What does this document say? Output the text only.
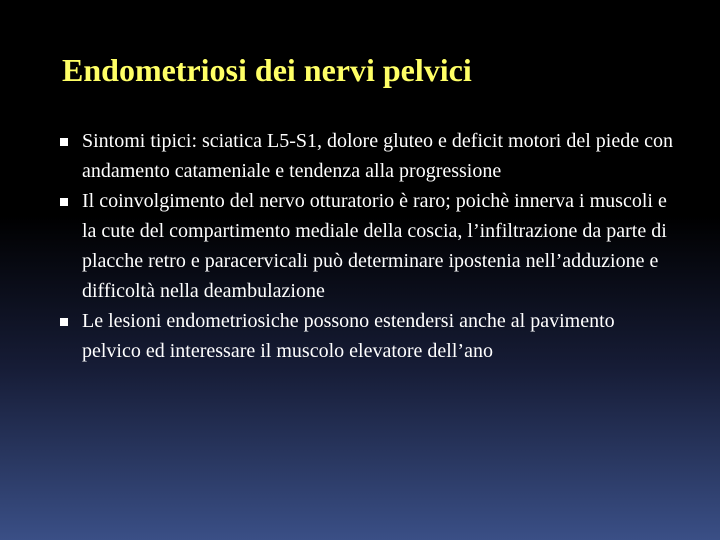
Endometriosi dei nervi pelvici
Sintomi tipici: sciatica L5-S1, dolore gluteo e deficit motori del piede con andamento catameniale e tendenza alla progressione
Il coinvolgimento del nervo otturatorio è raro; poichè innerva i muscoli e la cute del compartimento mediale della coscia, l’infiltrazione da parte di placche retro e paracervicali può determinare ipostenia nell’adduzione e difficoltà nella deambulazione
Le lesioni endometriosiche possono estendersi anche al pavimento pelvico ed interessare il muscolo elevatore dell’ano
